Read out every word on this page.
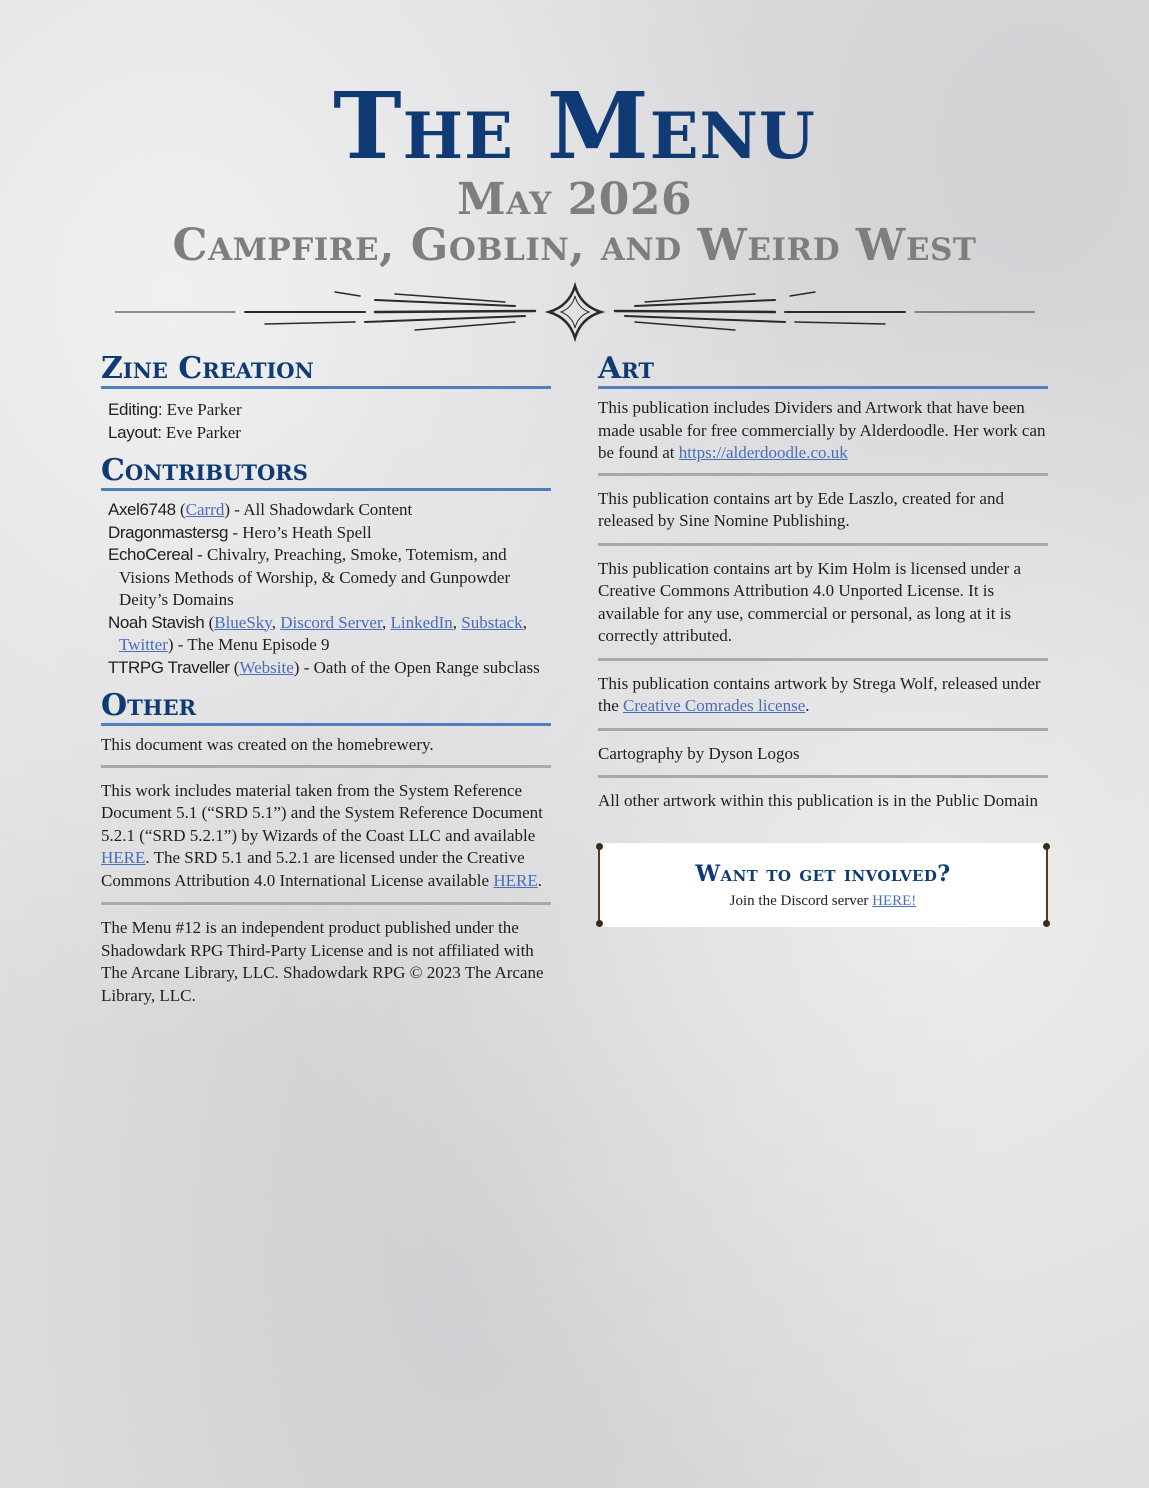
The Menu
May 2026
Campfire, Goblin, and Weird West
Zine Creation
Editing: Eve Parker
Layout: Eve Parker
Contributors
Axel6748 (Carrd) - All Shadowdark Content
Dragonmastersg - Hero’s Heath Spell
EchoCereal - Chivalry, Preaching, Smoke, Totemism, and Visions Methods of Worship, & Comedy and Gunpowder Deity’s Domains
Noah Stavish (BlueSky, Discord Server, LinkedIn, Substack, Twitter) - The Menu Episode 9
TTRPG Traveller (Website) - Oath of the Open Range subclass
Other

This document was created on the homebrewery.

This work includes material taken from the System Reference Document 5.1 (“SRD 5.1”) and the System Reference Document 5.2.1 (“SRD 5.2.1”) by Wizards of the Coast LLC and available HERE. The SRD 5.1 and 5.2.1 are licensed under the Creative Commons Attribution 4.0 International License available HERE.

The Menu #12 is an independent product published under the Shadowdark RPG Third-Party License and is not affiliated with The Arcane Library, LLC. Shadowdark RPG © 2023 The Arcane Library, LLC.

Art

This publication includes Dividers and Artwork that have been made usable for free commercially by Alderdoodle. Her work can be found at https://alderdoodle.co.uk

This publication contains art by Ede Laszlo, created for and released by Sine Nomine Publishing.

This publication contains art by Kim Holm is licensed under a Creative Commons Attribution 4.0 Unported License. It is available for any use, commercial or personal, as long at it is correctly attributed.

This publication contains artwork by Strega Wolf, released under the Creative Comrades license.

Cartography by Dyson Logos

All other artwork within this publication is in the Public Domain

Want to get involved?

Join the Discord server HERE!
